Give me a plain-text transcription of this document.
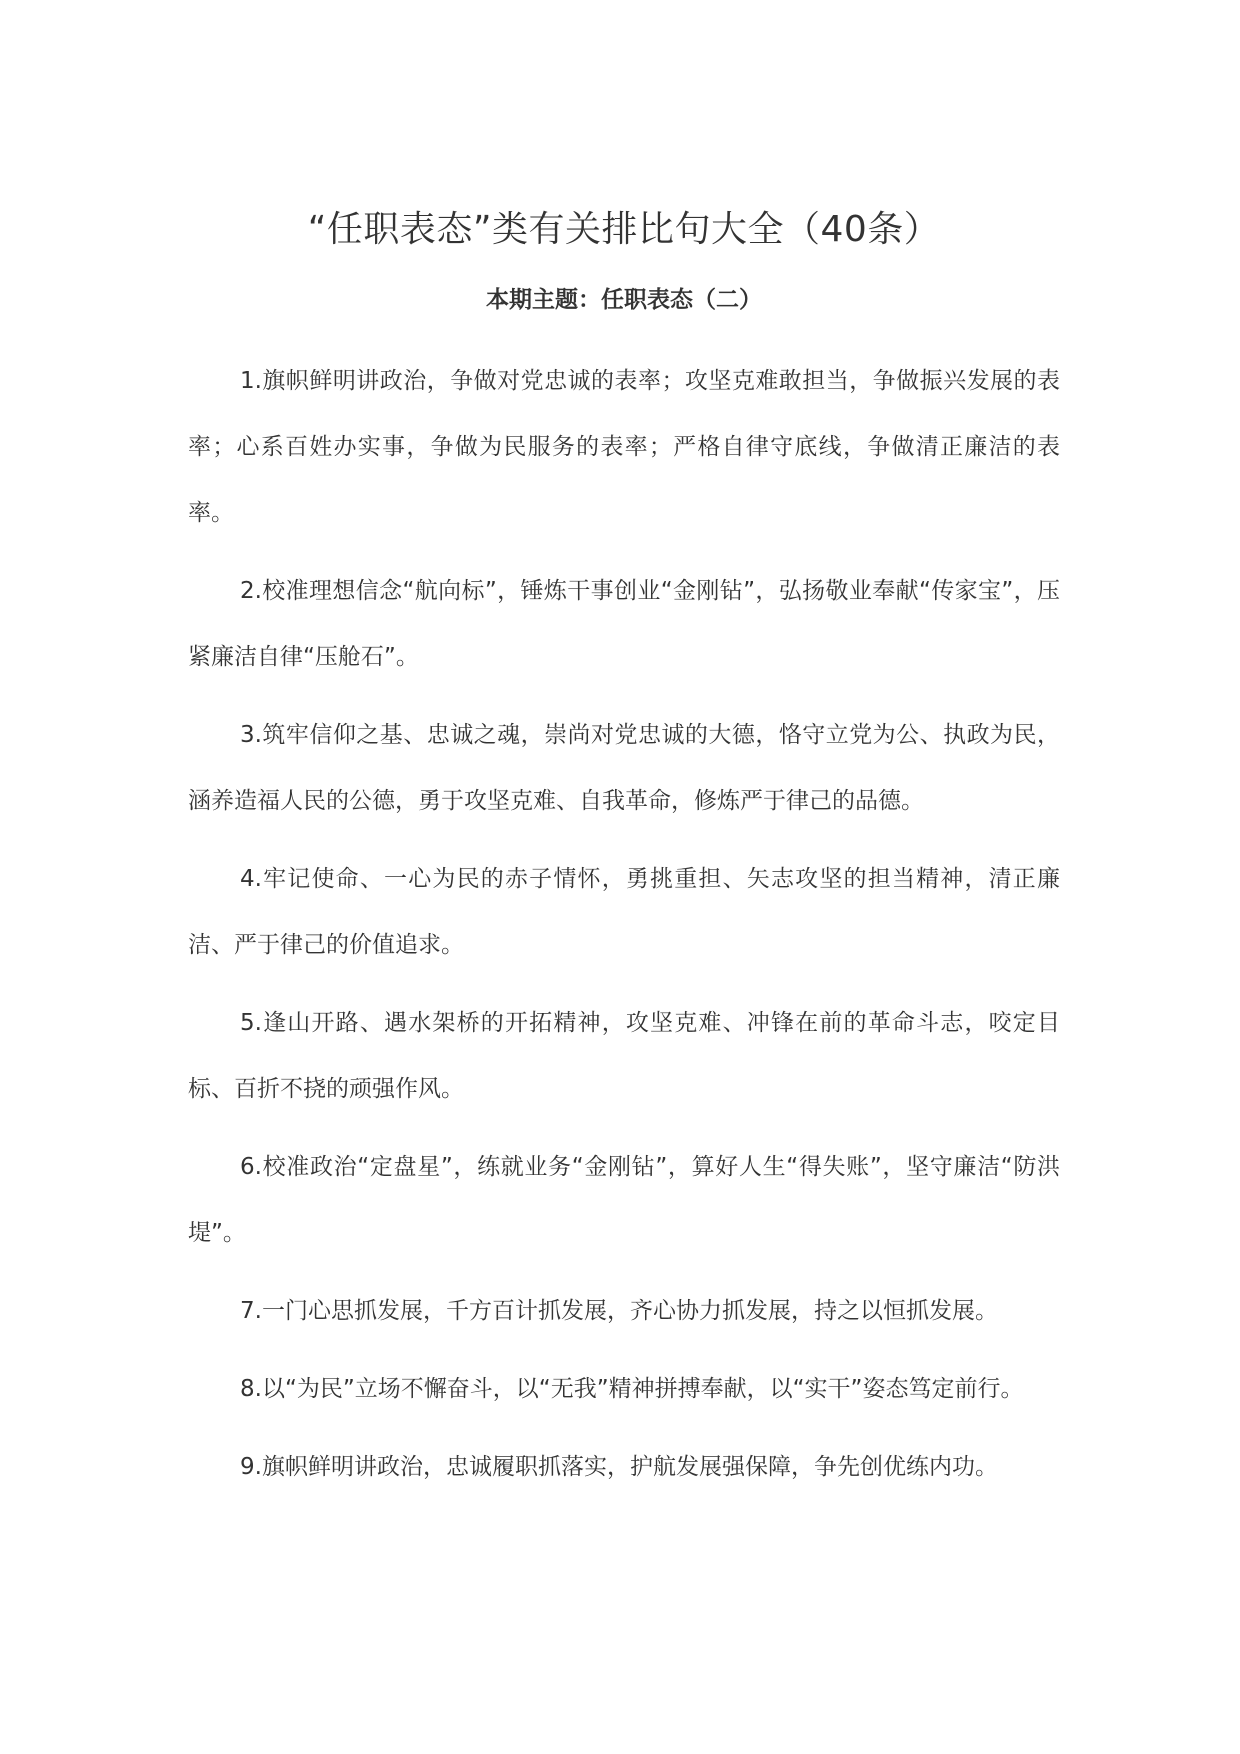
“任职表态”类有关排比句大全（40条）
本期主题：任职表态（二）

1.旗帜鲜明讲政治，争做对党忠诚的表率；攻坚克难敢担当，争做振兴发展的表率；心系百姓办实事，争做为民服务的表率；严格自律守底线，争做清正廉洁的表率。

2.校准理想信念“航向标”，锤炼干事创业“金刚钻”，弘扬敬业奉献“传家宝”，压紧廉洁自律“压舱石”。

3.筑牢信仰之基、忠诚之魂，崇尚对党忠诚的大德，恪守立党为公、执政为民，涵养造福人民的公德，勇于攻坚克难、自我革命，修炼严于律己的品德。

4.牢记使命、一心为民的赤子情怀，勇挑重担、矢志攻坚的担当精神，清正廉洁、严于律己的价值追求。

5.逢山开路、遇水架桥的开拓精神，攻坚克难、冲锋在前的革命斗志，咬定目标、百折不挠的顽强作风。

6.校准政治“定盘星”，练就业务“金刚钻”，算好人生“得失账”，坚守廉洁“防洪堤”。

7.一门心思抓发展，千方百计抓发展，齐心协力抓发展，持之以恒抓发展。

8.以“为民”立场不懈奋斗，以“无我”精神拼搏奉献，以“实干”姿态笃定前行。

9.旗帜鲜明讲政治，忠诚履职抓落实，护航发展强保障，争先创优练内功。
